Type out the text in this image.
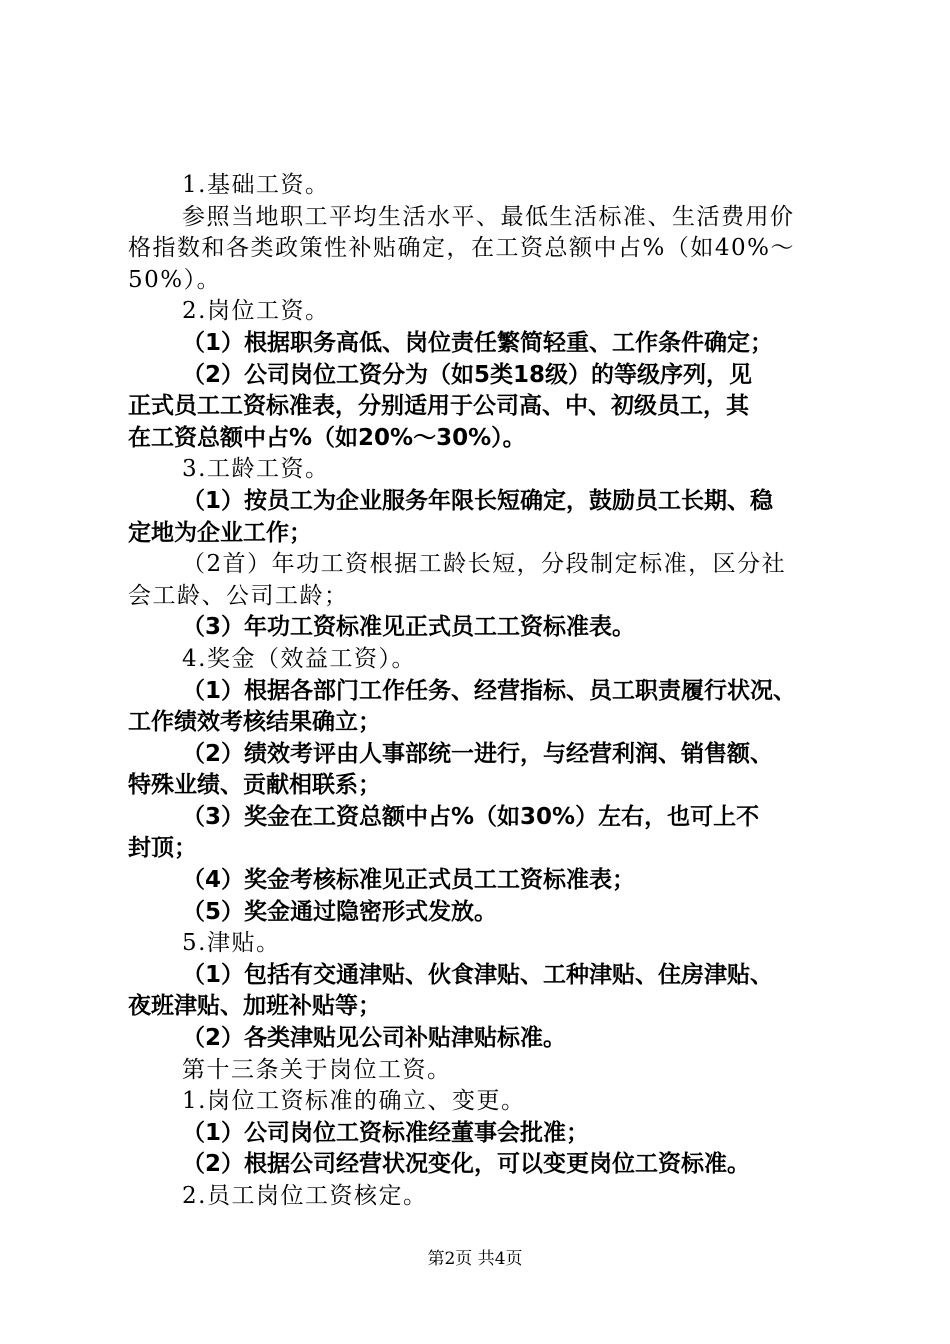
1.基础工资。
参照当地职工平均生活水平、最低生活标准、生活费用价
格指数和各类政策性补贴确定，在工资总额中占%（如40%～
50%）。
2.岗位工资。
（1）根据职务高低、岗位责任繁简轻重、工作条件确定；
（2）公司岗位工资分为（如5类18级）的等级序列，见
正式员工工资标准表，分别适用于公司高、中、初级员工，其
在工资总额中占%（如20%～30%）。
3.工龄工资。
（1）按员工为企业服务年限长短确定，鼓励员工长期、稳
定地为企业工作；
（2首）年功工资根据工龄长短，分段制定标准，区分社
会工龄、公司工龄；
（3）年功工资标准见正式员工工资标准表。
4.奖金（效益工资）。
（1）根据各部门工作任务、经营指标、员工职责履行状况、
工作绩效考核结果确立；
（2）绩效考评由人事部统一进行，与经营利润、销售额、
特殊业绩、贡献相联系；
（3）奖金在工资总额中占%（如30%）左右，也可上不
封顶；
（4）奖金考核标准见正式员工工资标准表；
（5）奖金通过隐密形式发放。
5.津贴。
（1）包括有交通津贴、伙食津贴、工种津贴、住房津贴、
夜班津贴、加班补贴等；
（2）各类津贴见公司补贴津贴标准。
第十三条关于岗位工资。
1.岗位工资标准的确立、变更。
（1）公司岗位工资标准经董事会批准；
（2）根据公司经营状况变化，可以变更岗位工资标准。
2.员工岗位工资核定。
第2页 共4页
